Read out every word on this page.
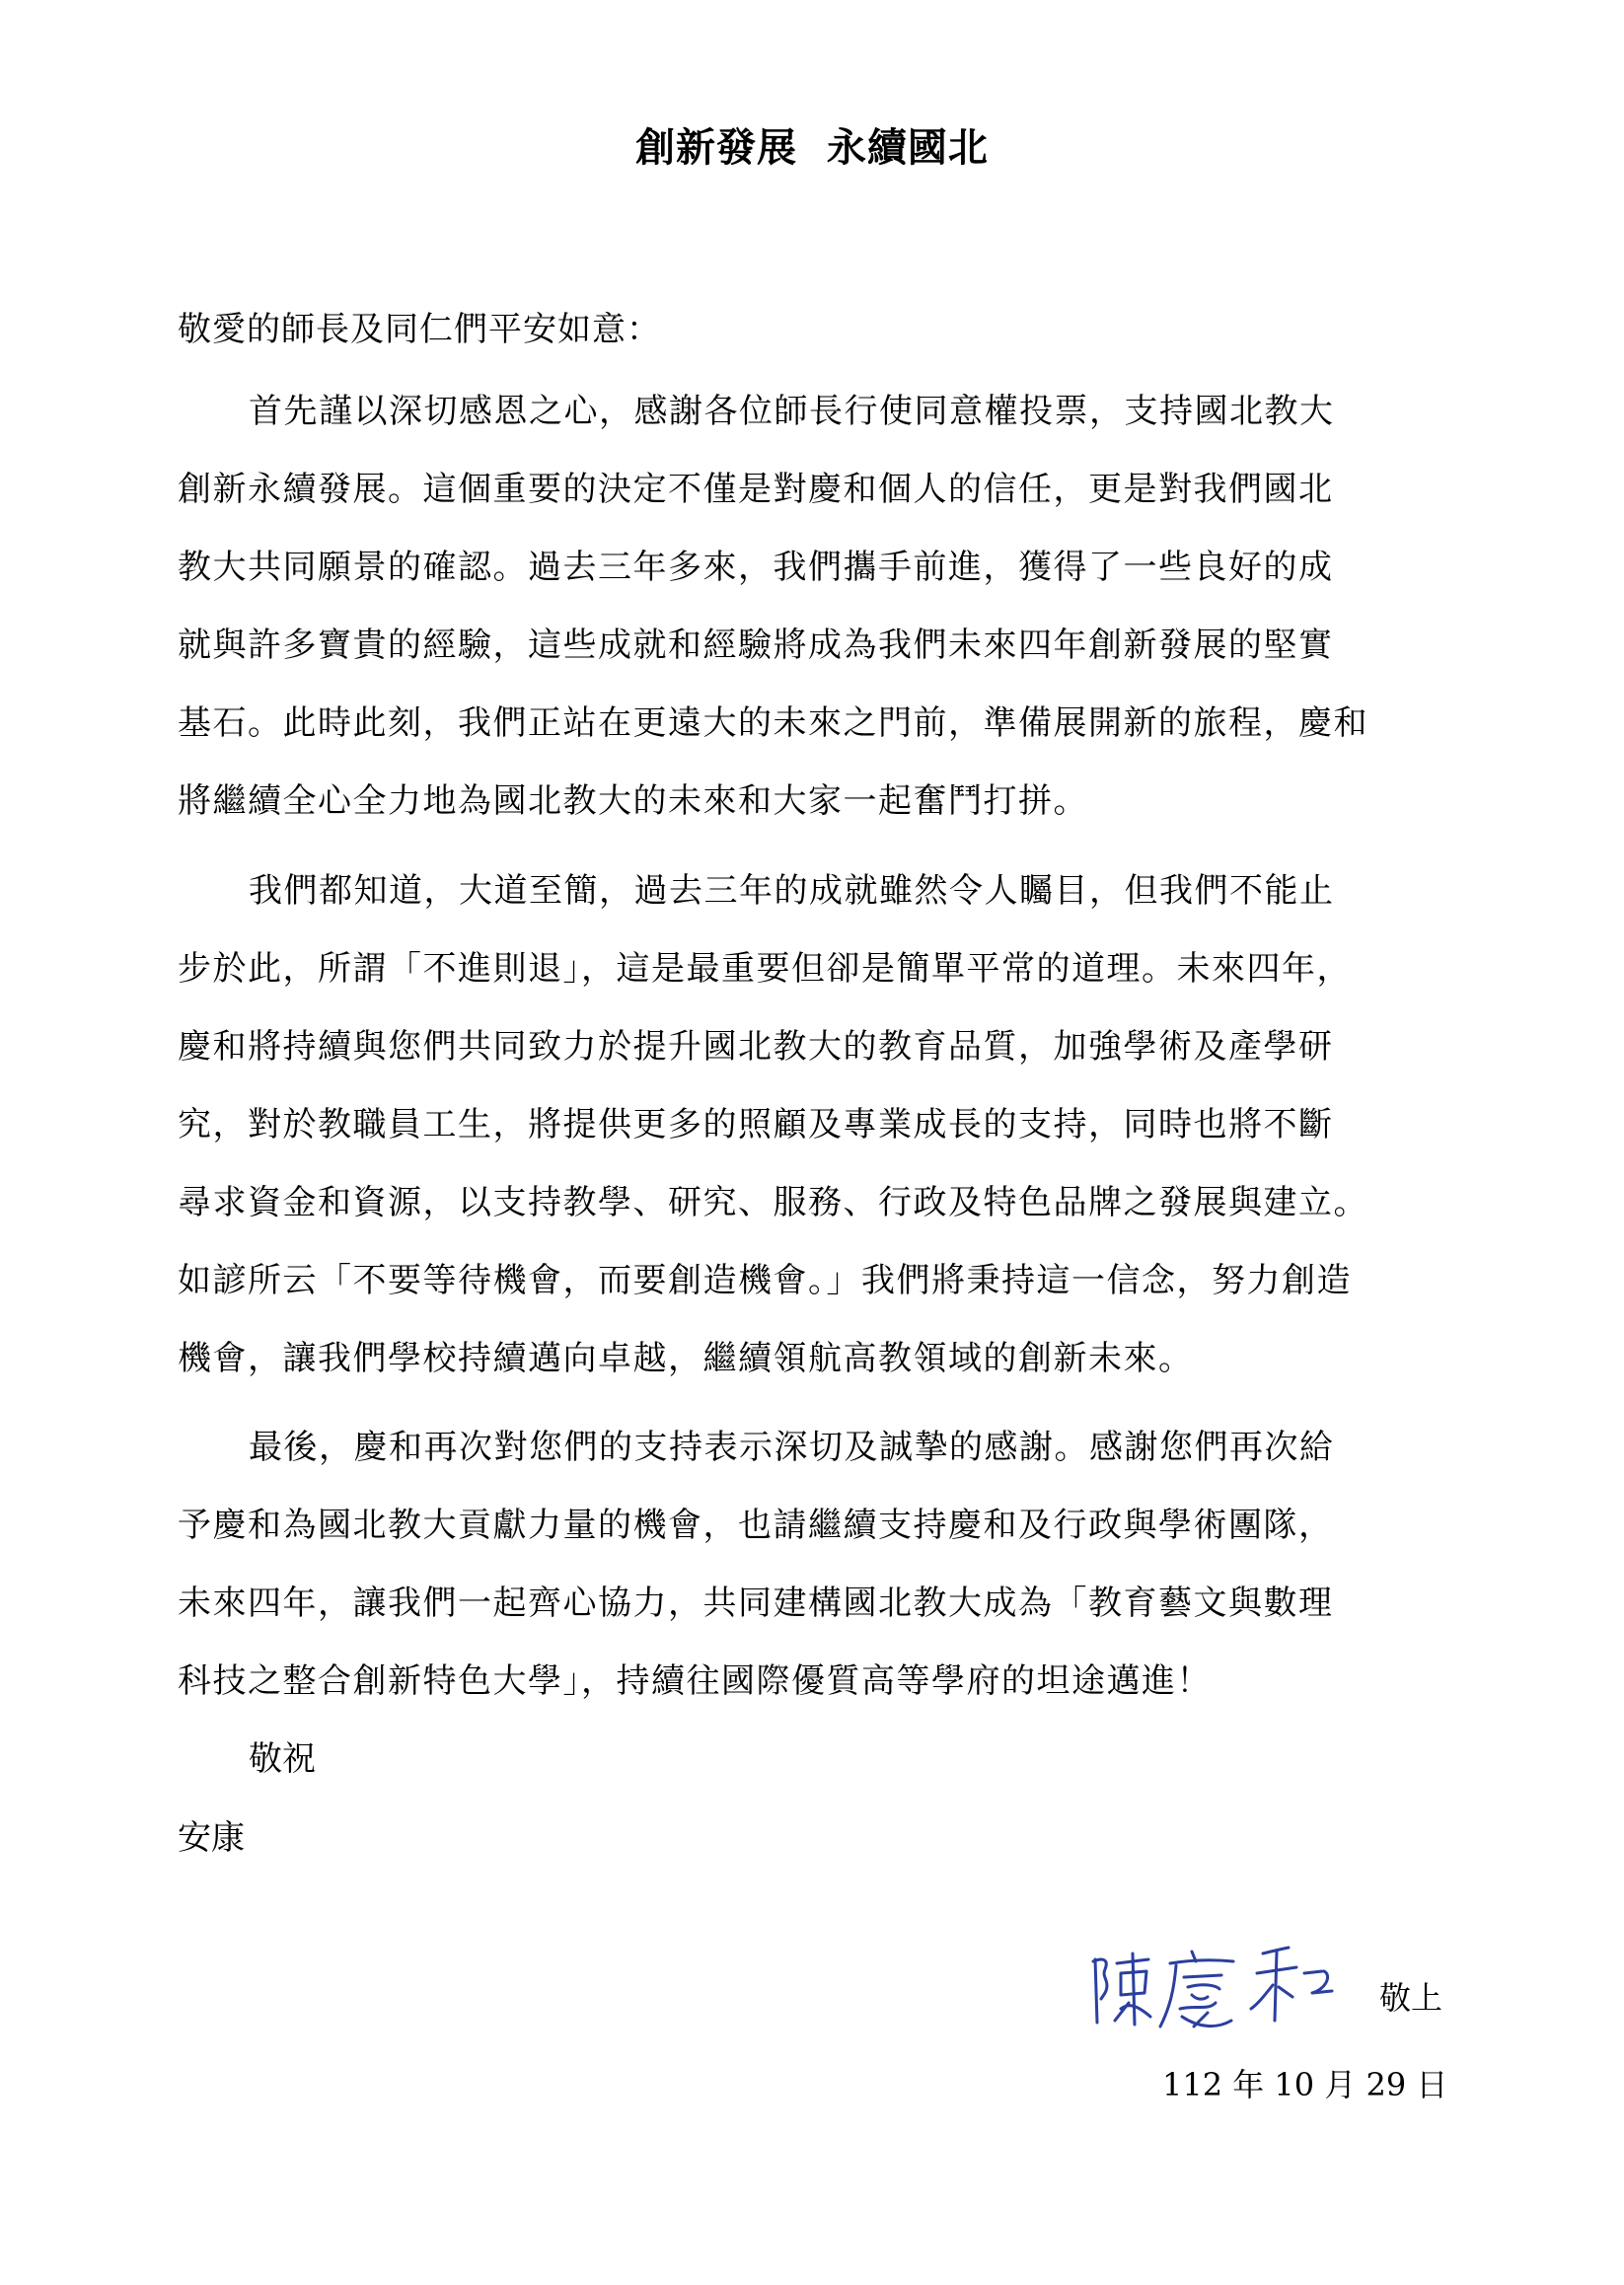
創新發展  永續國北
敬愛的師長及同仁們平安如意：
首先謹以深切感恩之心，感謝各位師長行使同意權投票，支持國北教大
創新永續發展。這個重要的決定不僅是對慶和個人的信任，更是對我們國北
教大共同願景的確認。過去三年多來，我們攜手前進，獲得了一些良好的成
就與許多寶貴的經驗，這些成就和經驗將成為我們未來四年創新發展的堅實
基石。此時此刻，我們正站在更遠大的未來之門前，準備展開新的旅程，慶和
將繼續全心全力地為國北教大的未來和大家一起奮鬥打拼。
我們都知道，大道至簡，過去三年的成就雖然令人矚目，但我們不能止
步於此，所謂「不進則退」，這是最重要但卻是簡單平常的道理。未來四年，
慶和將持續與您們共同致力於提升國北教大的教育品質，加強學術及產學研
究，對於教職員工生，將提供更多的照顧及專業成長的支持，同時也將不斷
尋求資金和資源，以支持教學、研究、服務、行政及特色品牌之發展與建立。
如諺所云「不要等待機會，而要創造機會。」我們將秉持這一信念，努力創造
機會，讓我們學校持續邁向卓越，繼續領航高教領域的創新未來。
最後，慶和再次對您們的支持表示深切及誠摯的感謝。感謝您們再次給
予慶和為國北教大貢獻力量的機會，也請繼續支持慶和及行政與學術團隊，
未來四年，讓我們一起齊心協力，共同建構國北教大成為「教育藝文與數理
科技之整合創新特色大學」，持續往國際優質高等學府的坦途邁進！
敬祝
安康
敬上
112 年 10 月 29 日
